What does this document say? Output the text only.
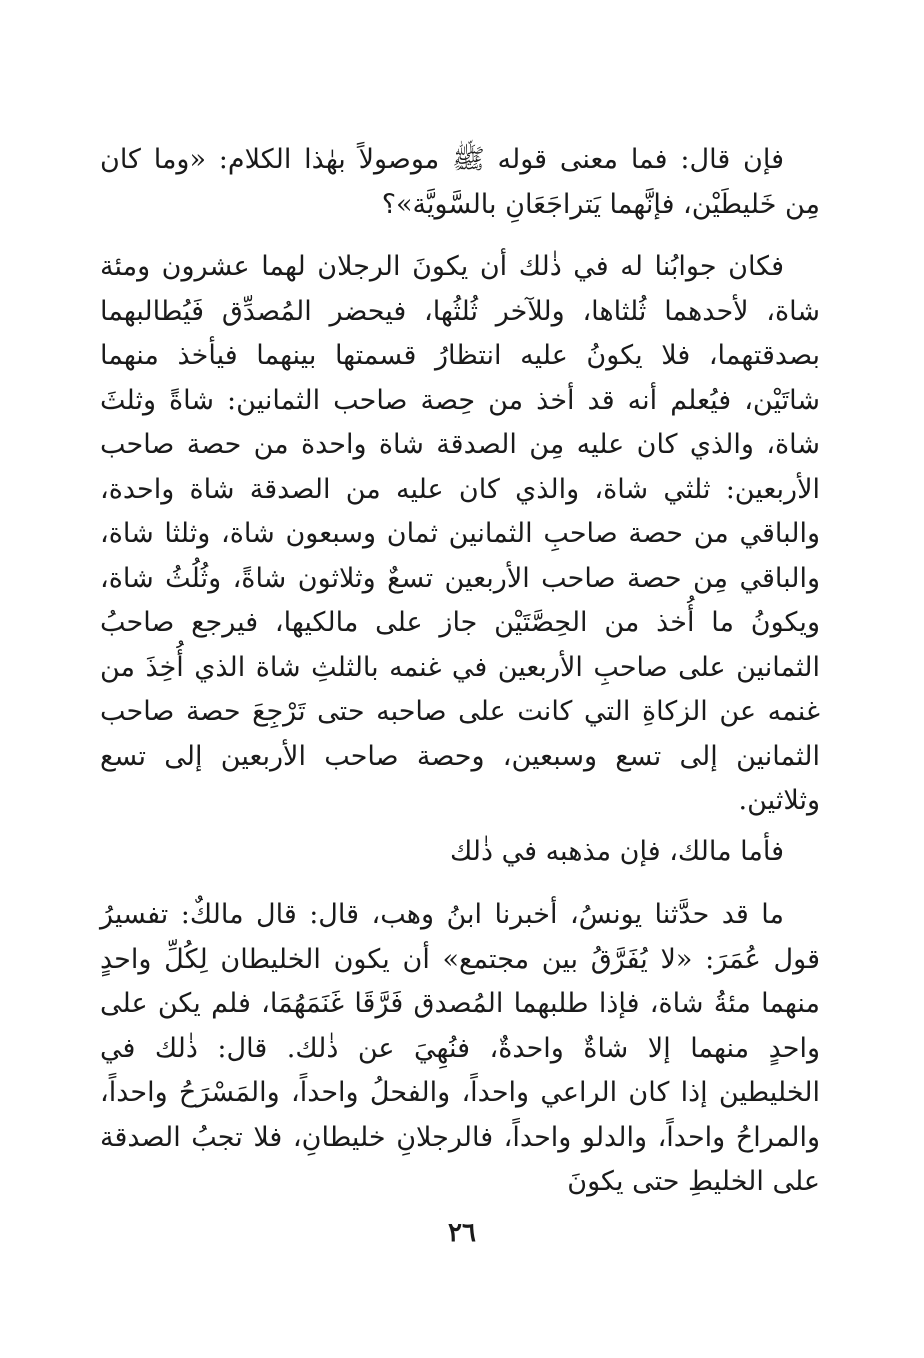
فإن قال: فما معنى قوله ﷺ موصولاً بهٰذا الكلام: «وما كان مِن خَليطَيْن، فإنَّهما يَتراجَعَانِ بالسَّويَّة»؟

فكان جوابُنا له في ذٰلك أن يكونَ الرجلان لهما عشرون ومئة شاة، لأحدهما ثُلثاها، وللآخر ثُلثُها، فيحضر المُصدِّق فَيُطالبهما بصدقتهما، فلا يكونُ عليه انتظارُ قسمتها بينهما فيأخذ منهما شاتَيْن، فيُعلم أنه قد أخذ من حِصة صاحب الثمانين: شاةً وثلثَ شاة، والذي كان عليه مِن الصدقة شاة واحدة من حصة صاحب الأربعين: ثلثي شاة، والذي كان عليه من الصدقة شاة واحدة، والباقي من حصة صاحبِ الثمانين ثمان وسبعون شاة، وثلثا شاة، والباقي مِن حصة صاحب الأربعين تسعٌ وثلاثون شاةً، وثُلُثُ شاة، ويكونُ ما أُخذ من الحِصَّتَيْن جاز على مالكيها، فيرجع صاحبُ الثمانين على صاحبِ الأربعين في غنمه بالثلثِ شاة الذي أُخِذَ من غنمه عن الزكاةِ التي كانت على صاحبه حتى تَرْجِعَ حصة صاحب الثمانين إلى تسع وسبعين، وحصة صاحب الأربعين إلى تسع وثلاثين.

فأما مالك، فإن مذهبه في ذٰلك

ما قد حدَّثنا يونسُ، أخبرنا ابنُ وهب، قال: قال مالكٌ: تفسيرُ قول عُمَرَ: «لا يُفَرَّقُ بين مجتمع» أن يكون الخليطان لِكُلِّ واحدٍ منهما مئةُ شاة، فإذا طلبهما المُصدق فَرَّقَا غَنَمَهُمَا، فلم يكن على واحدٍ منهما إلا شاةٌ واحدةٌ، فنُهِيَ عن ذٰلك. قال: ذٰلك في الخليطين إذا كان الراعي واحداً، والفحلُ واحداً، والمَسْرَحُ واحداً، والمراحُ واحداً، والدلو واحداً، فالرجلانِ خليطانِ، فلا تجبُ الصدقة على الخليطِ حتى يكونَ

٢٦
